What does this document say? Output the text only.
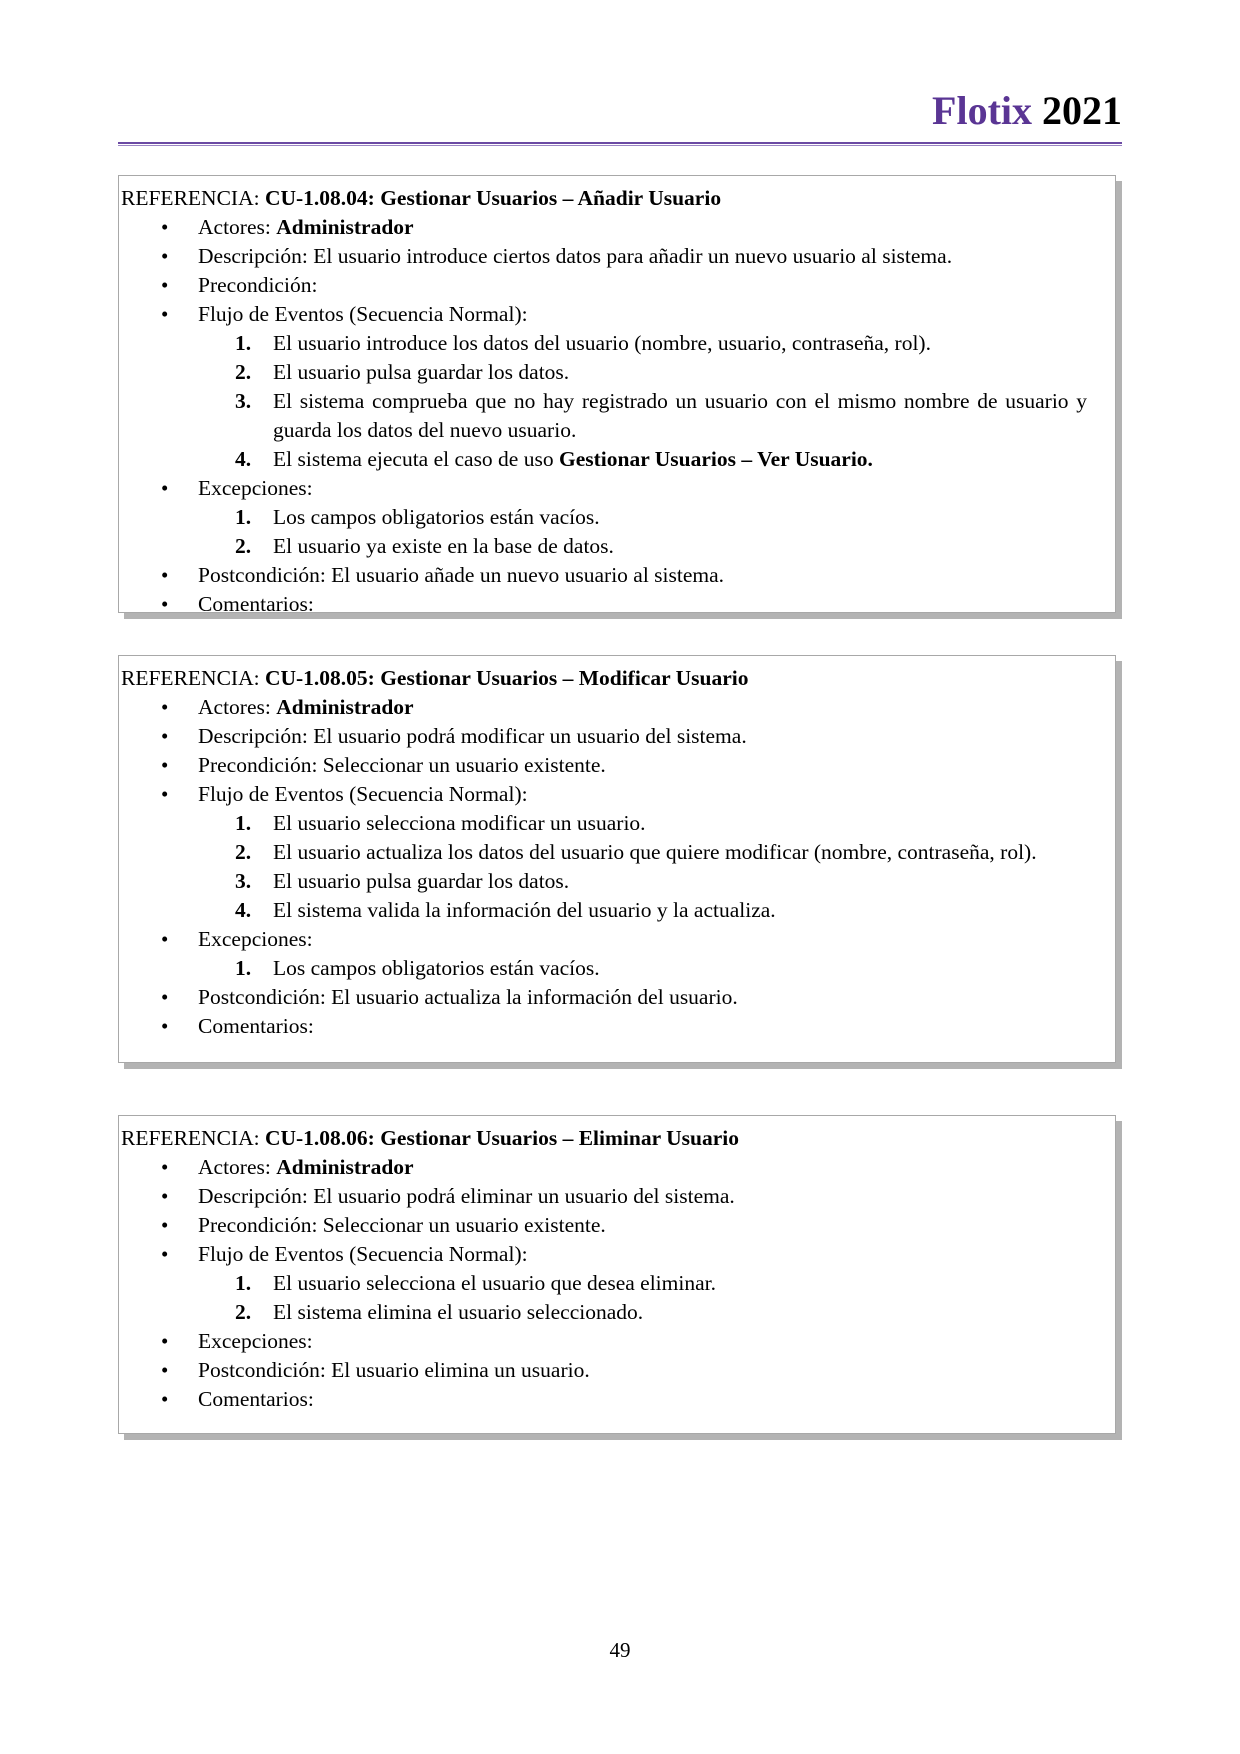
Flotix 2021
REFERENCIA: CU-1.08.04: Gestionar Usuarios – Añadir Usuario
• Actores: Administrador
• Descripción: El usuario introduce ciertos datos para añadir un nuevo usuario al sistema.
• Precondición:
• Flujo de Eventos (Secuencia Normal):
1. El usuario introduce los datos del usuario (nombre, usuario, contraseña, rol).
2. El usuario pulsa guardar los datos.
3. El sistema comprueba que no hay registrado un usuario con el mismo nombre de usuario y guarda los datos del nuevo usuario.
4. El sistema ejecuta el caso de uso Gestionar Usuarios – Ver Usuario.
• Excepciones:
1. Los campos obligatorios están vacíos.
2. El usuario ya existe en la base de datos.
• Postcondición: El usuario añade un nuevo usuario al sistema.
• Comentarios:
REFERENCIA: CU-1.08.05: Gestionar Usuarios – Modificar Usuario
• Actores: Administrador
• Descripción: El usuario podrá modificar un usuario del sistema.
• Precondición: Seleccionar un usuario existente.
• Flujo de Eventos (Secuencia Normal):
1. El usuario selecciona modificar un usuario.
2. El usuario actualiza los datos del usuario que quiere modificar (nombre, contraseña, rol).
3. El usuario pulsa guardar los datos.
4. El sistema valida la información del usuario y la actualiza.
• Excepciones:
1. Los campos obligatorios están vacíos.
• Postcondición: El usuario actualiza la información del usuario.
• Comentarios:
REFERENCIA: CU-1.08.06: Gestionar Usuarios – Eliminar Usuario
• Actores: Administrador
• Descripción: El usuario podrá eliminar un usuario del sistema.
• Precondición: Seleccionar un usuario existente.
• Flujo de Eventos (Secuencia Normal):
1. El usuario selecciona el usuario que desea eliminar.
2. El sistema elimina el usuario seleccionado.
• Excepciones:
• Postcondición: El usuario elimina un usuario.
• Comentarios:
49
